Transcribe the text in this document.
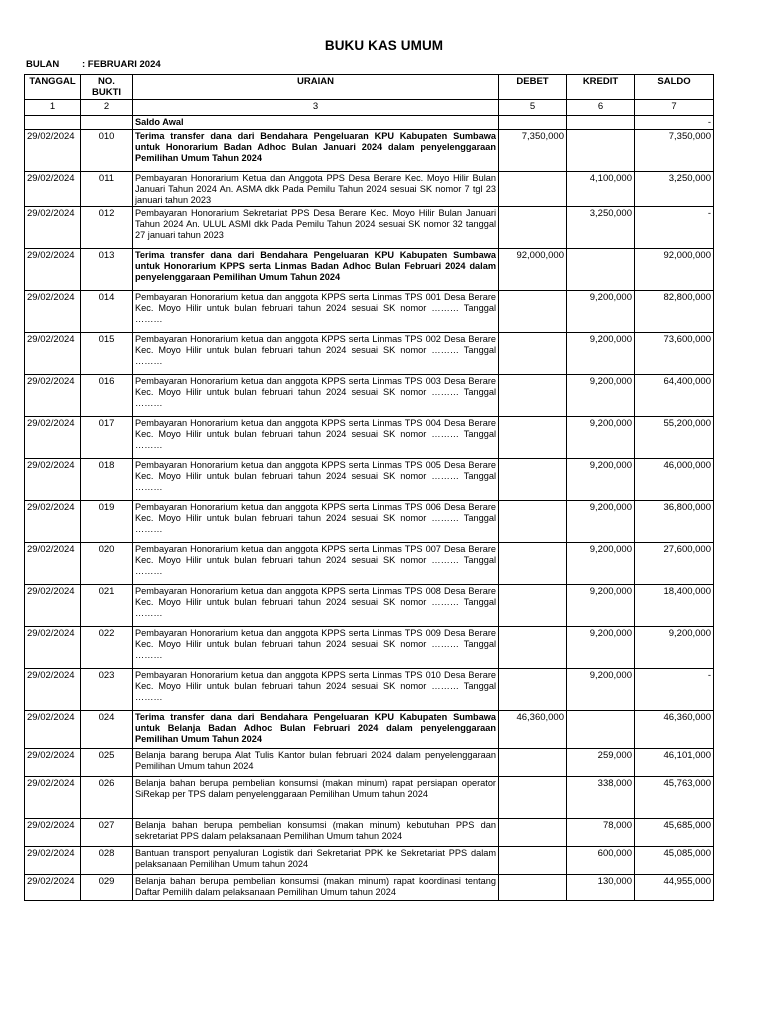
BUKU KAS UMUM
BULAN : FEBRUARI 2024
TANGGAL	NO. BUKTI	URAIAN	DEBET	KREDIT	SALDO
1	2	3	5	6	7
		Saldo Awal			-
29/02/2024	010	Terima transfer dana dari Bendahara Pengeluaran KPU Kabupaten Sumbawa untuk Honorarium Badan Adhoc Bulan Januari 2024 dalam penyelenggaraan Pemilihan Umum Tahun 2024	7,350,000		7,350,000
29/02/2024	011	Pembayaran Honorarium Ketua dan Anggota PPS Desa Berare Kec. Moyo Hilir Bulan Januari Tahun 2024 An. ASMA dkk Pada Pemilu Tahun 2024 sesuai SK nomor 7 tgl 23 januari tahun 2023		4,100,000	3,250,000
29/02/2024	012	Pembayaran Honorarium Sekretariat PPS Desa Berare Kec. Moyo Hilir Bulan Januari Tahun 2024 An. ULUL ASMI dkk Pada Pemilu Tahun 2024 sesuai SK nomor 32 tanggal 27 januari tahun 2023		3,250,000	-
29/02/2024	013	Terima transfer dana dari Bendahara Pengeluaran KPU Kabupaten Sumbawa untuk Honorarium KPPS serta Linmas Badan Adhoc Bulan Februari 2024 dalam penyelenggaraan Pemilihan Umum Tahun 2024	92,000,000		92,000,000
29/02/2024	014	Pembayaran Honorarium ketua dan anggota KPPS serta Linmas TPS 001 Desa Berare Kec. Moyo Hilir untuk bulan februari tahun 2024 sesuai SK nomor ……… Tanggal ………		9,200,000	82,800,000
29/02/2024	015	Pembayaran Honorarium ketua dan anggota KPPS serta Linmas TPS 002 Desa Berare Kec. Moyo Hilir untuk bulan februari tahun 2024 sesuai SK nomor ……… Tanggal ………		9,200,000	73,600,000
29/02/2024	016	Pembayaran Honorarium ketua dan anggota KPPS serta Linmas TPS 003 Desa Berare Kec. Moyo Hilir untuk bulan februari tahun 2024 sesuai SK nomor ……… Tanggal ………		9,200,000	64,400,000
29/02/2024	017	Pembayaran Honorarium ketua dan anggota KPPS serta Linmas TPS 004 Desa Berare Kec. Moyo Hilir untuk bulan februari tahun 2024 sesuai SK nomor ……… Tanggal ………		9,200,000	55,200,000
29/02/2024	018	Pembayaran Honorarium ketua dan anggota KPPS serta Linmas TPS 005 Desa Berare Kec. Moyo Hilir untuk bulan februari tahun 2024 sesuai SK nomor ……… Tanggal ………		9,200,000	46,000,000
29/02/2024	019	Pembayaran Honorarium ketua dan anggota KPPS serta Linmas TPS 006 Desa Berare Kec. Moyo Hilir untuk bulan februari tahun 2024 sesuai SK nomor ……… Tanggal ………		9,200,000	36,800,000
29/02/2024	020	Pembayaran Honorarium ketua dan anggota KPPS serta Linmas TPS 007 Desa Berare Kec. Moyo Hilir untuk bulan februari tahun 2024 sesuai SK nomor ……… Tanggal ………		9,200,000	27,600,000
29/02/2024	021	Pembayaran Honorarium ketua dan anggota KPPS serta Linmas TPS 008 Desa Berare Kec. Moyo Hilir untuk bulan februari tahun 2024 sesuai SK nomor ……… Tanggal ………		9,200,000	18,400,000
29/02/2024	022	Pembayaran Honorarium ketua dan anggota KPPS serta Linmas TPS 009 Desa Berare Kec. Moyo Hilir untuk bulan februari tahun 2024 sesuai SK nomor ……… Tanggal ………		9,200,000	9,200,000
29/02/2024	023	Pembayaran Honorarium ketua dan anggota KPPS serta Linmas TPS 010 Desa Berare Kec. Moyo Hilir untuk bulan februari tahun 2024 sesuai SK nomor ……… Tanggal ………		9,200,000	-
29/02/2024	024	Terima transfer dana dari Bendahara Pengeluaran KPU Kabupaten Sumbawa untuk Belanja Badan Adhoc Bulan Februari 2024 dalam penyelenggaraan Pemilihan Umum Tahun 2024	46,360,000		46,360,000
29/02/2024	025	Belanja barang berupa Alat Tulis Kantor bulan februari 2024 dalam penyelenggaraan Pemilihan Umum tahun 2024		259,000	46,101,000
29/02/2024	026	Belanja bahan berupa pembelian konsumsi (makan minum) rapat persiapan operator SiRekap per TPS dalam penyelenggaraan Pemilihan Umum tahun 2024		338,000	45,763,000
29/02/2024	027	Belanja bahan berupa pembelian konsumsi (makan minum) kebutuhan PPS dan sekretariat PPS dalam pelaksanaan Pemilihan Umum tahun 2024		78,000	45,685,000
29/02/2024	028	Bantuan transport penyaluran Logistik dari Sekretariat PPK ke Sekretariat PPS dalam pelaksanaan Pemilihan Umum tahun 2024		600,000	45,085,000
29/02/2024	029	Belanja bahan berupa pembelian konsumsi (makan minum) rapat koordinasi tentang Daftar Pemilih dalam pelaksanaan Pemilihan Umum tahun 2024		130,000	44,955,000
